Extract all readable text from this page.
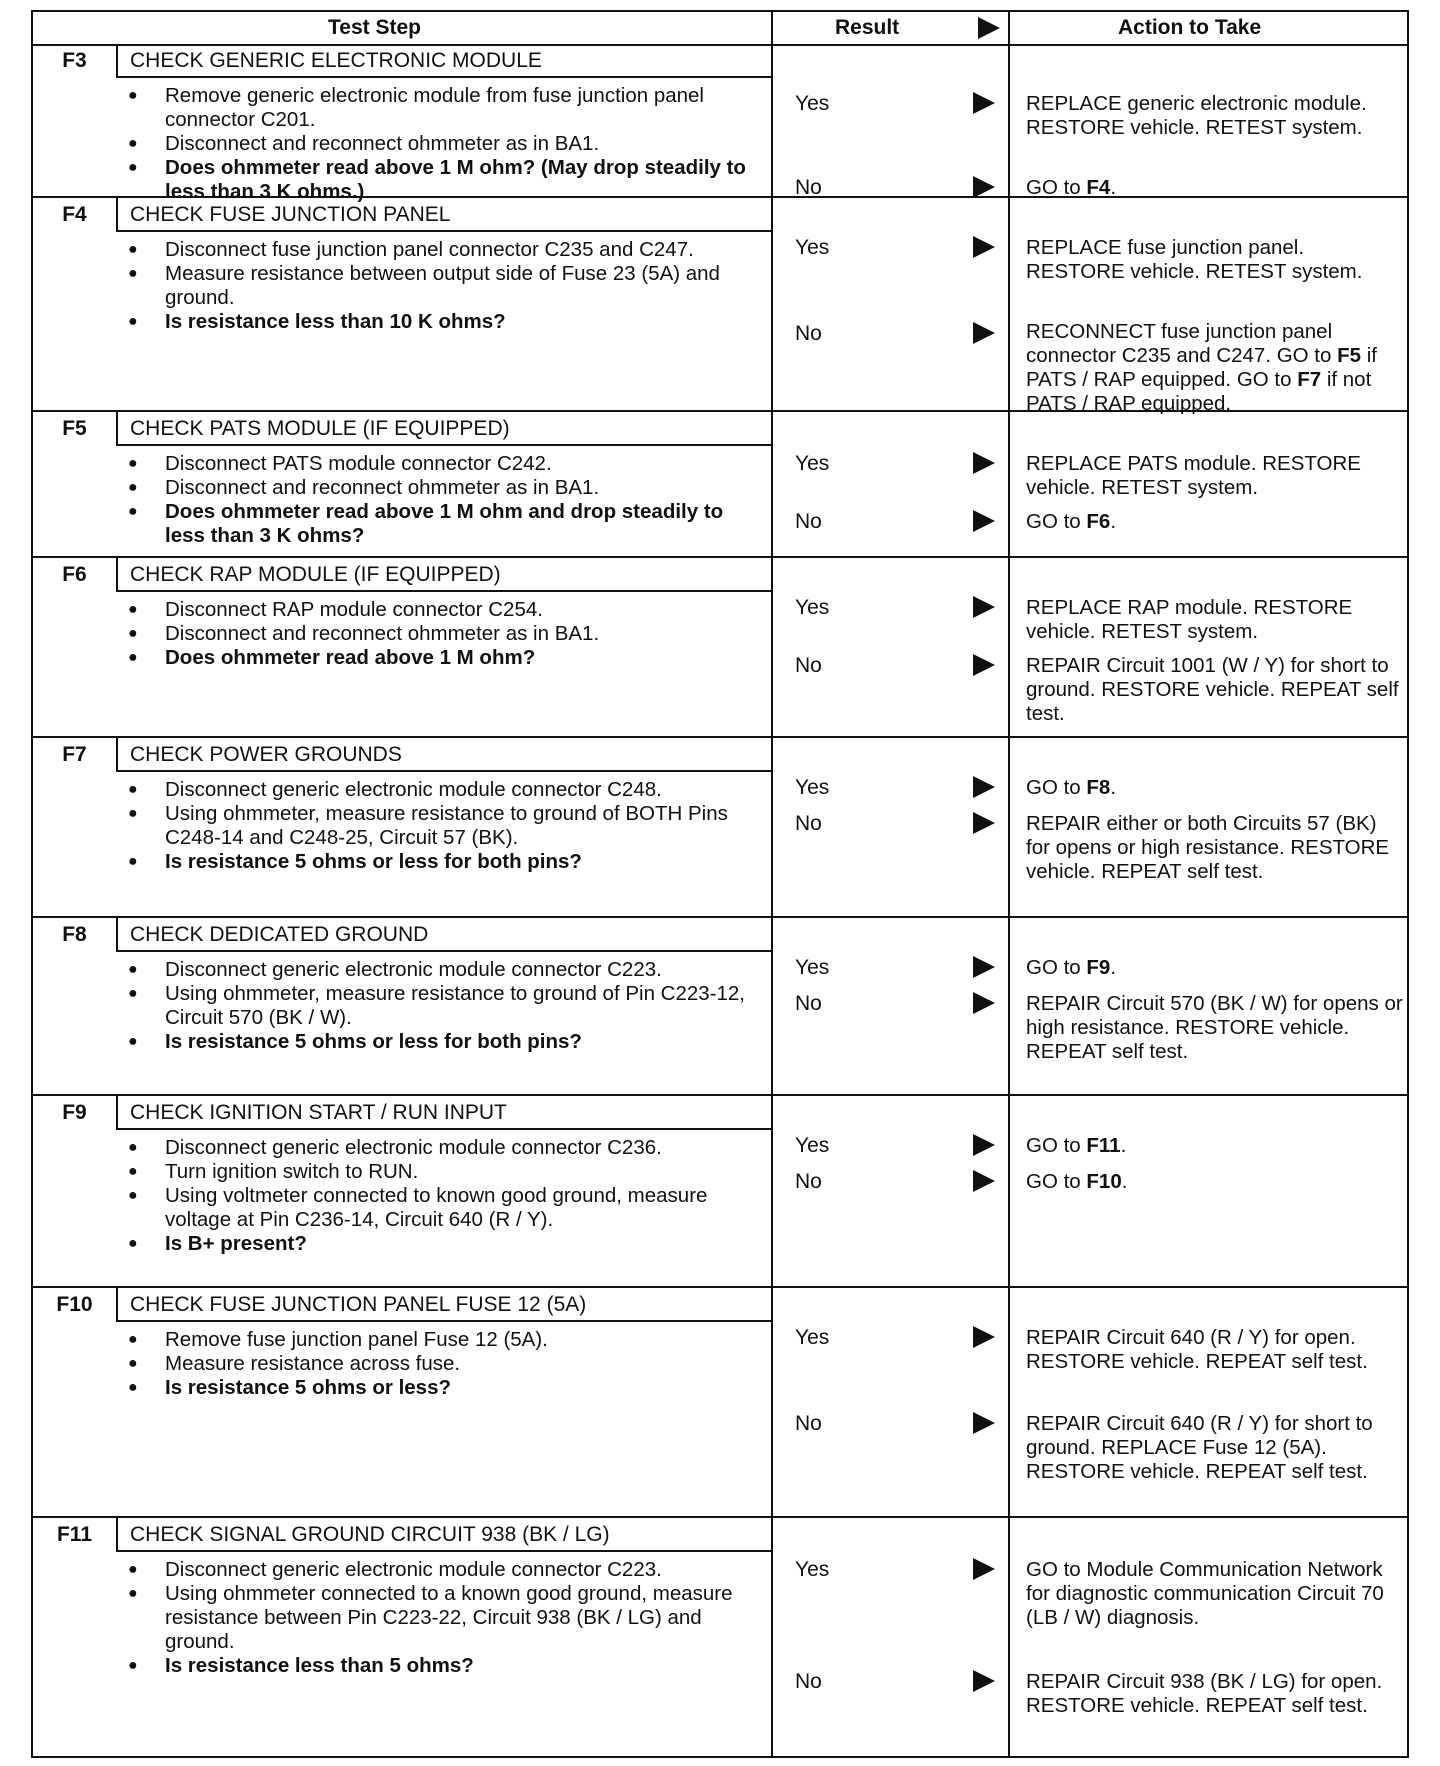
Test Step	Result	Action to Take
F3	CHECK GENERIC ELECTRONIC MODULE
● Remove generic electronic module from fuse junction panel connector C201.
● Disconnect and reconnect ohmmeter as in BA1.
● Does ohmmeter read above 1 M ohm? (May drop steadily to less than 3 K ohms.)
Yes	REPLACE generic electronic module. RESTORE vehicle. RETEST system.
No	GO to F4.
F4	CHECK FUSE JUNCTION PANEL
● Disconnect fuse junction panel connector C235 and C247.
● Measure resistance between output side of Fuse 23 (5A) and ground.
● Is resistance less than 10 K ohms?
Yes	REPLACE fuse junction panel. RESTORE vehicle. RETEST system.
No	RECONNECT fuse junction panel connector C235 and C247. GO to F5 if PATS / RAP equipped. GO to F7 if not PATS / RAP equipped.
F5	CHECK PATS MODULE (IF EQUIPPED)
● Disconnect PATS module connector C242.
● Disconnect and reconnect ohmmeter as in BA1.
● Does ohmmeter read above 1 M ohm and drop steadily to less than 3 K ohms?
Yes	REPLACE PATS module. RESTORE vehicle. RETEST system.
No	GO to F6.
F6	CHECK RAP MODULE (IF EQUIPPED)
● Disconnect RAP module connector C254.
● Disconnect and reconnect ohmmeter as in BA1.
● Does ohmmeter read above 1 M ohm?
Yes	REPLACE RAP module. RESTORE vehicle. RETEST system.
No	REPAIR Circuit 1001 (W / Y) for short to ground. RESTORE vehicle. REPEAT self test.
F7	CHECK POWER GROUNDS
● Disconnect generic electronic module connector C248.
● Using ohmmeter, measure resistance to ground of BOTH Pins C248-14 and C248-25, Circuit 57 (BK).
● Is resistance 5 ohms or less for both pins?
Yes	GO to F8.
No	REPAIR either or both Circuits 57 (BK) for opens or high resistance. RESTORE vehicle. REPEAT self test.
F8	CHECK DEDICATED GROUND
● Disconnect generic electronic module connector C223.
● Using ohmmeter, measure resistance to ground of Pin C223-12, Circuit 570 (BK / W).
● Is resistance 5 ohms or less for both pins?
Yes	GO to F9.
No	REPAIR Circuit 570 (BK / W) for opens or high resistance. RESTORE vehicle. REPEAT self test.
F9	CHECK IGNITION START / RUN INPUT
● Disconnect generic electronic module connector C236.
● Turn ignition switch to RUN.
● Using voltmeter connected to known good ground, measure voltage at Pin C236-14, Circuit 640 (R / Y).
● Is B+ present?
Yes	GO to F11.
No	GO to F10.
F10	CHECK FUSE JUNCTION PANEL FUSE 12 (5A)
● Remove fuse junction panel Fuse 12 (5A).
● Measure resistance across fuse.
● Is resistance 5 ohms or less?
Yes	REPAIR Circuit 640 (R / Y) for open. RESTORE vehicle. REPEAT self test.
No	REPAIR Circuit 640 (R / Y) for short to ground. REPLACE Fuse 12 (5A). RESTORE vehicle. REPEAT self test.
F11	CHECK SIGNAL GROUND CIRCUIT 938 (BK / LG)
● Disconnect generic electronic module connector C223.
● Using ohmmeter connected to a known good ground, measure resistance between Pin C223-22, Circuit 938 (BK / LG) and ground.
● Is resistance less than 5 ohms?
Yes	GO to Module Communication Network for diagnostic communication Circuit 70 (LB / W) diagnosis.
No	REPAIR Circuit 938 (BK / LG) for open. RESTORE vehicle. REPEAT self test.
